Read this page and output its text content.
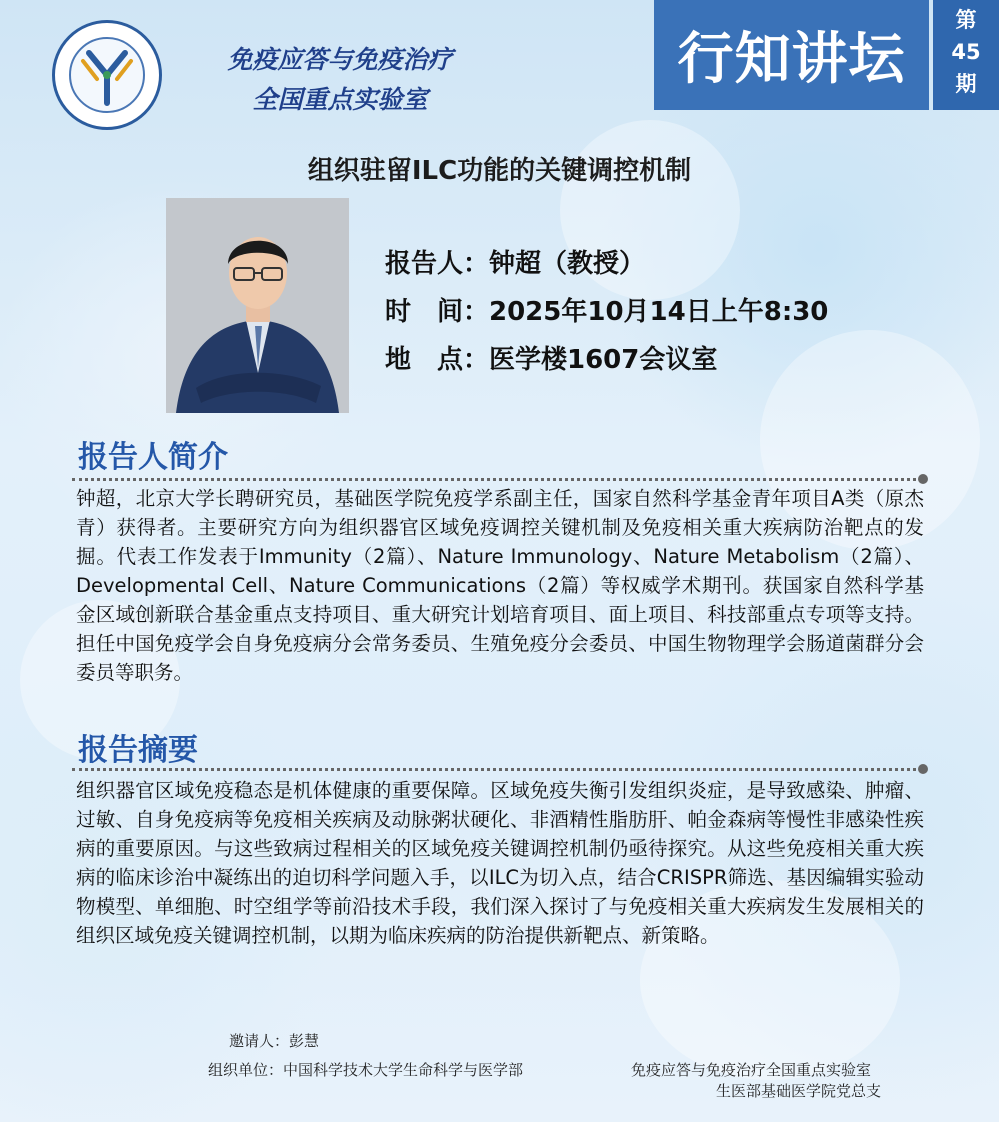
免疫应答与免疫治疗
全国重点实验室
行知讲坛
第
45
期
组织驻留ILC功能的关键调控机制
报告人：钟超（教授）
时　间：2025年10月14日上午8:30
地　点：医学楼1607会议室
报告人简介
钟超，北京大学长聘研究员，基础医学院免疫学系副主任，国家自然科学基金青年项目A类（原杰青）获得者。主要研究方向为组织器官区域免疫调控关键机制及免疫相关重大疾病防治靶点的发掘。代表工作发表于Immunity（2篇）、Nature Immunology、Nature Metabolism（2篇）、Developmental Cell、Nature Communications（2篇）等权威学术期刊。获国家自然科学基金区域创新联合基金重点支持项目、重大研究计划培育项目、面上项目、科技部重点专项等支持。担任中国免疫学会自身免疫病分会常务委员、生殖免疫分会委员、中国生物物理学会肠道菌群分会委员等职务。
报告摘要
组织器官区域免疫稳态是机体健康的重要保障。区域免疫失衡引发组织炎症，是导致感染、肿瘤、过敏、自身免疫病等免疫相关疾病及动脉粥状硬化、非酒精性脂肪肝、帕金森病等慢性非感染性疾病的重要原因。与这些致病过程相关的区域免疫关键调控机制仍亟待探究。从这些免疫相关重大疾病的临床诊治中凝练出的迫切科学问题入手，以ILC为切入点，结合CRISPR筛选、基因编辑实验动物模型、单细胞、时空组学等前沿技术手段，我们深入探讨了与免疫相关重大疾病发生发展相关的组织区域免疫关键调控机制，以期为临床疾病的防治提供新靶点、新策略。
邀请人：彭慧
组织单位：中国科学技术大学生命科学与医学部	免疫应答与免疫治疗全国重点实验室
生医部基础医学院党总支
